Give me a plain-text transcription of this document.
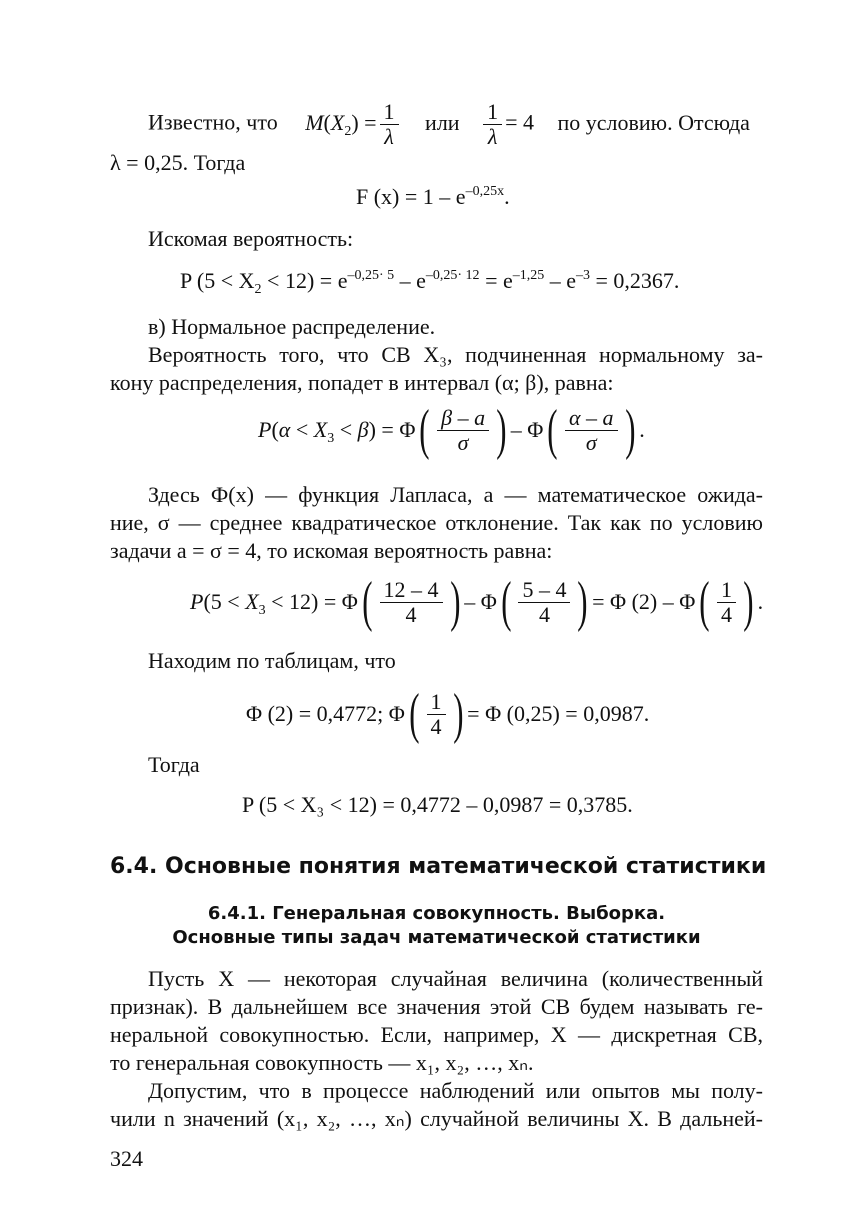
Известно, что $M(X_2) = \frac{1}{\lambda}$ или $\frac{1}{\lambda} = 4$ по условию. Отсюда
λ = 0,25. Тогда
F $(x) = 1 - e^{-0,25x}$.
Искомая вероятность:
P $(5 < X_2 < 12) = e^{-0,25\cdot 5} - e^{-0,25\cdot 12} = e^{-1,25} - e^{-3} = 0,2367$.
в) Нормальное распределение.
Вероятность того, что СВ X₃, подчиненная нормальному за-
кону распределения, попадет в интервал (α; β), равна:
$P(\alpha < X_3 < \beta) = \Phi$ ( $\frac{\beta - a}{\sigma}$ ) – Φ ( $\frac{\alpha - a}{\sigma}$ ) .
Здесь Ф(x) — функция Лапласа, a — математическое ожида-
ние, σ — среднее квадратическое отклонение. Так как по условию
задачи a = σ = 4, то искомая вероятность равна:
$P(5 < X_3 < 12) = \Phi$ ( $\frac{12 - 4}{4}$ ) – Φ ( $\frac{5 - 4}{4}$ ) = Φ (2) – Φ ( $\frac{1}{4}$ ) .
Находим по таблицам, что
Φ (2) = 0,4772; Φ ( $\frac{1}{4}$ ) = Φ (0,25) = 0,0987.
Тогда
P (5 < X₃ < 12) = 0,4772 – 0,0987 = 0,3785.
6.4. Основные понятия математической статистики
6.4.1. Генеральная совокупность. Выборка.
Основные типы задач математической статистики
Пусть X — некоторая случайная величина (количественный
признак). В дальнейшем все значения этой СВ будем называть ге-
неральной совокупностью. Если, например, X — дискретная СВ,
то генеральная совокупность — x₁, x₂, …, xₙ.
Допустим, что в процессе наблюдений или опытов мы полу-
чили n значений (x₁, x₂, …, xₙ) случайной величины X. В дальней-
324
